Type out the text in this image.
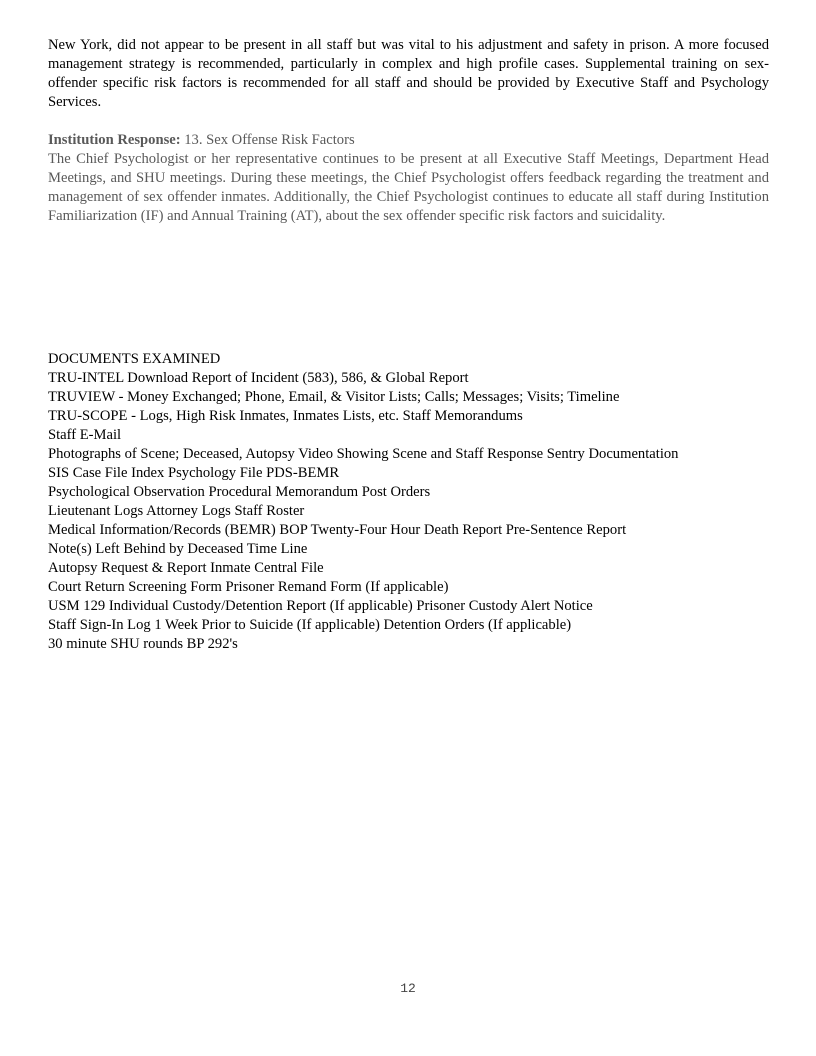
New York, did not appear to be present in all staff but was vital to his adjustment and safety in prison. A more focused management strategy is recommended, particularly in complex and high profile cases. Supplemental training on sex-offender specific risk factors is recommended for all staff and should be provided by Executive Staff and Psychology Services.

Institution Response: 13. Sex Offense Risk Factors

The Chief Psychologist or her representative continues to be present at all Executive Staff Meetings, Department Head Meetings, and SHU meetings. During these meetings, the Chief Psychologist offers feedback regarding the treatment and management of sex offender inmates. Additionally, the Chief Psychologist continues to educate all staff during Institution Familiarization (IF) and Annual Training (AT), about the sex offender specific risk factors and suicidality.

DOCUMENTS EXAMINED

TRU-INTEL Download Report of Incident (583), 586, & Global Report
TRUVIEW - Money Exchanged; Phone, Email, & Visitor Lists; Calls; Messages; Visits; Timeline
TRU-SCOPE - Logs, High Risk Inmates, Inmates Lists, etc. Staff Memorandums
Staff E-Mail
Photographs of Scene; Deceased, Autopsy Video Showing Scene and Staff Response Sentry Documentation
SIS Case File Index Psychology File PDS-BEMR
Psychological Observation Procedural Memorandum Post Orders
Lieutenant Logs Attorney Logs Staff Roster
Medical Information/Records (BEMR) BOP Twenty-Four Hour Death Report Pre-Sentence Report
Note(s) Left Behind by Deceased Time Line
Autopsy Request & Report Inmate Central File
Court Return Screening Form Prisoner Remand Form (If applicable)
USM 129 Individual Custody/Detention Report (If applicable) Prisoner Custody Alert Notice
Staff Sign-In Log 1 Week Prior to Suicide (If applicable) Detention Orders (If applicable)
30 minute SHU rounds BP 292's
12
